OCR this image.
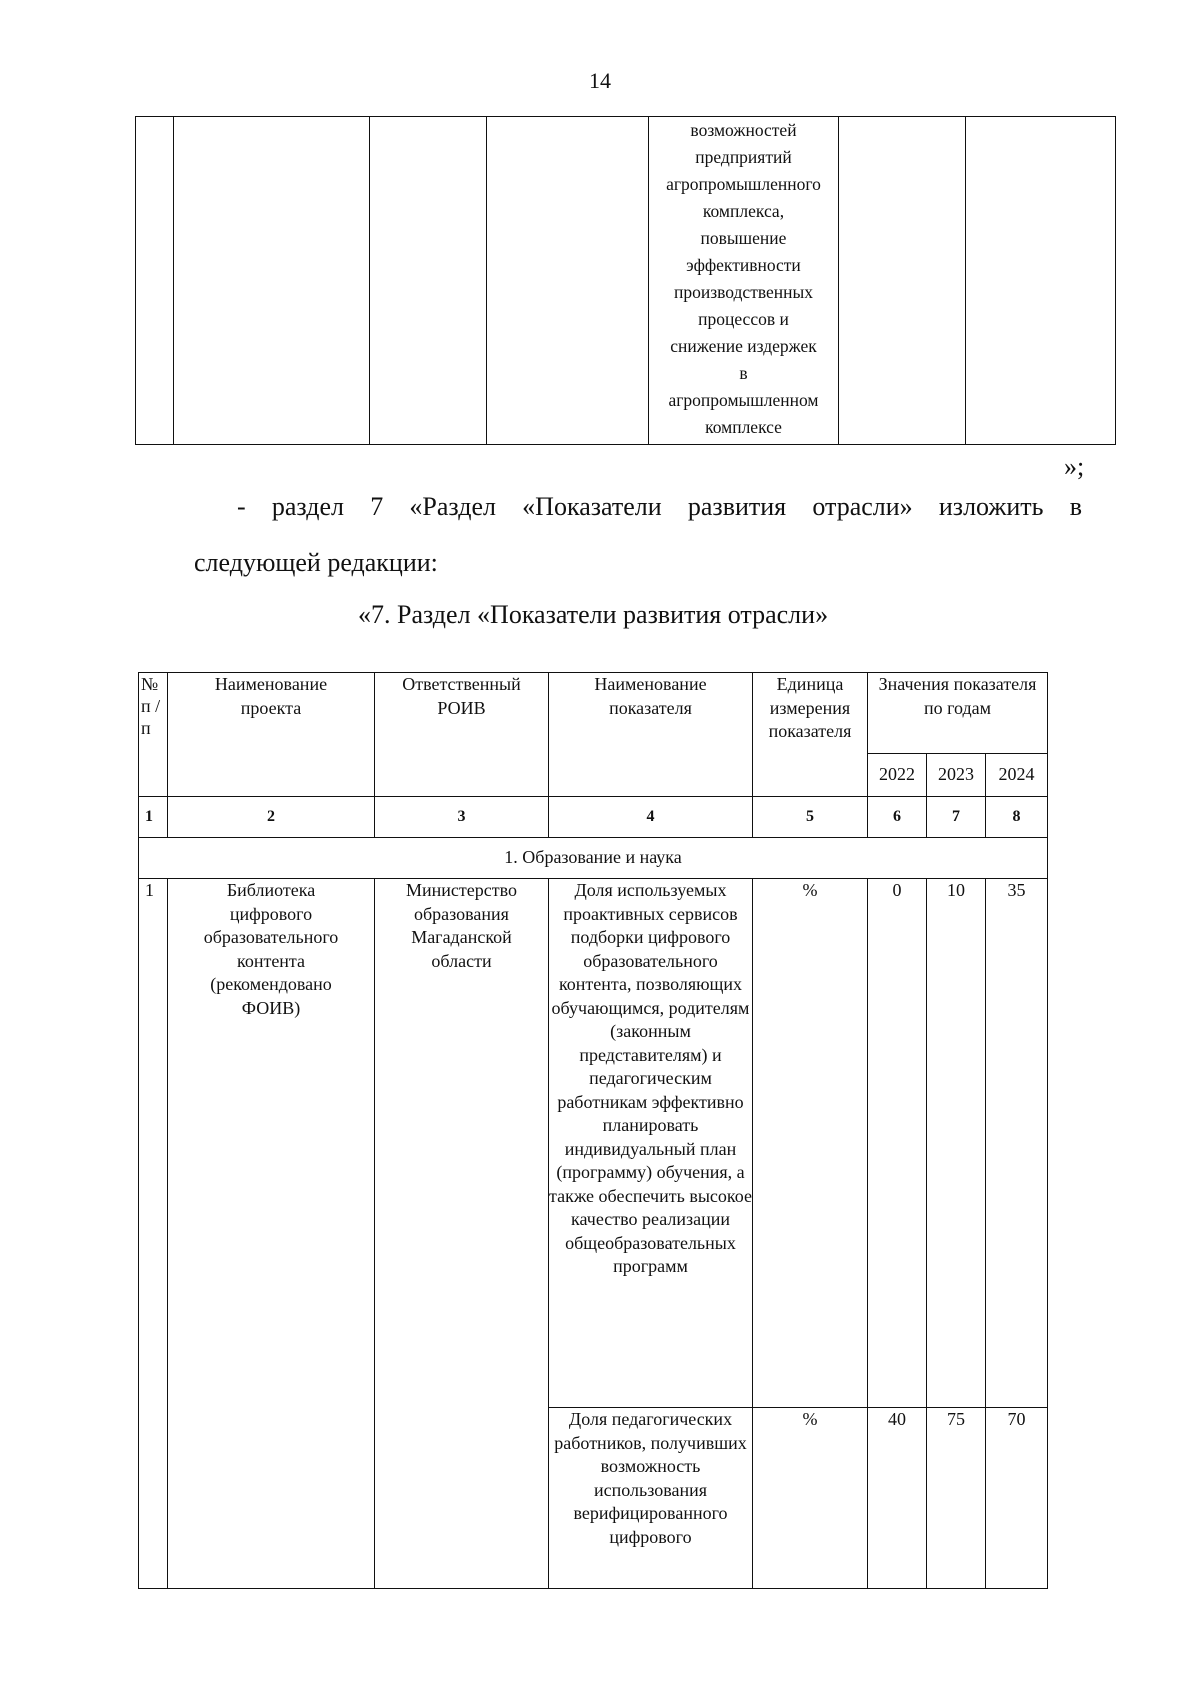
14

возможностей
предприятий
агропромышленного
комплекса,
повышение
эффективности
производственных
процессов и
снижение издержек
в
агропромышленном
комплексе

»;
- раздел 7 «Раздел «Показатели развития отрасли» изложить в
следующей редакции:
«7. Раздел «Показатели развития отрасли»
№ п / п	Наименование проекта	Ответственный РОИВ	Наименование показателя	Единица измерения показателя	Значения показателя по годам		
					2022	2023	2024
1	2	3	4	5	6	7	8
1. Образование и наука							
1	Библиотека цифрового образовательного контента (рекомендовано ФОИВ)	Министерство образования Магаданской области	Доля используемых проактивных сервисов подборки цифрового образовательного контента, позволяющих обучающимся, родителям (законным представителям) и педагогическим работникам эффективно планировать индивидуальный план (программу) обучения, а также обеспечить высокое качество реализации общеобразовательных программ	%	0	10	35
			Доля педагогических работников, получивших возможность использования верифицированного цифрового	%	40	75	70
